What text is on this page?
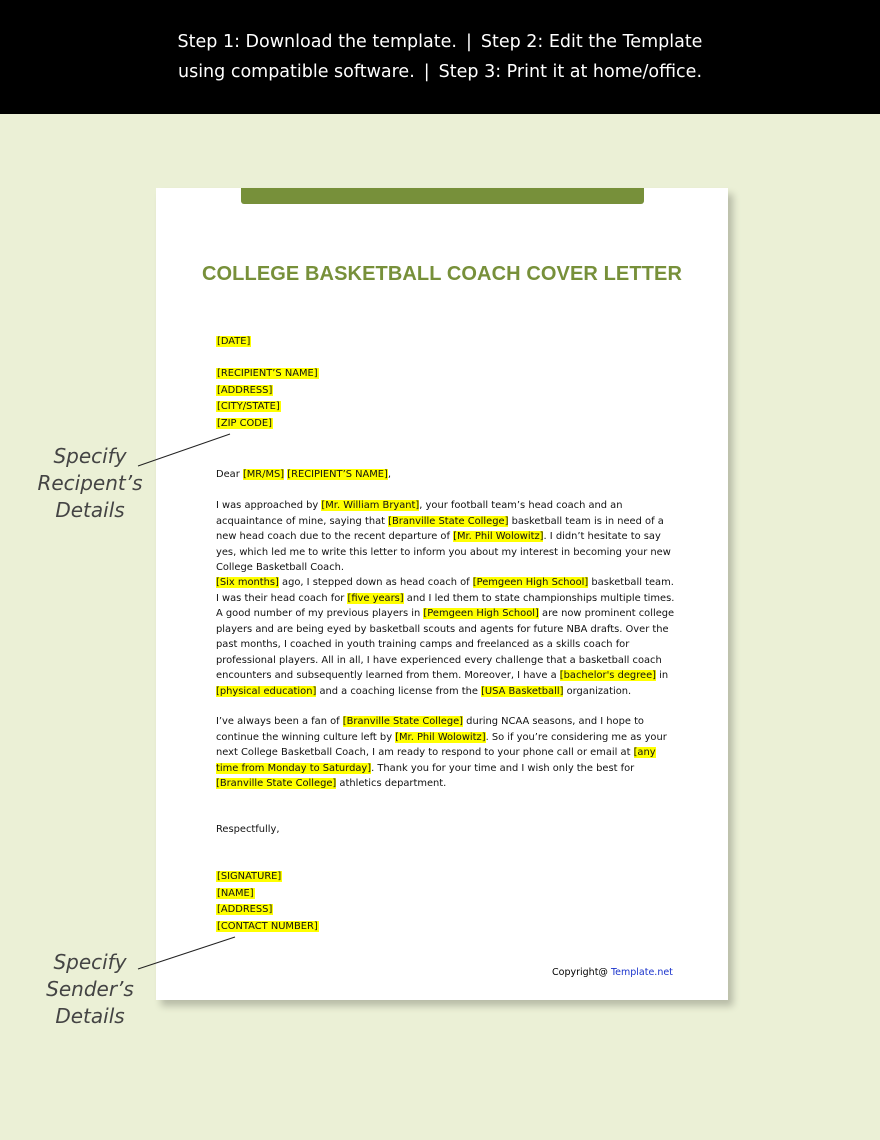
Step 1: Download the template. | Step 2: Edit the Template
using compatible software. | Step 3: Print it at home/office.
COLLEGE BASKETBALL COACH COVER LETTER
[DATE]
[RECIPIENT’S NAME]
[ADDRESS]
[CITY/STATE]
[ZIP CODE]
Dear [MR/MS] [RECIPIENT’S NAME],
I was approached by [Mr. William Bryant], your football team’s head coach and an acquaintance of mine, saying that [Branville State College] basketball team is in need of a new head coach due to the recent departure of [Mr. Phil Wolowitz]. I didn’t hesitate to say yes, which led me to write this letter to inform you about my interest in becoming your new College Basketball Coach.
[Six months] ago, I stepped down as head coach of [Pemgeen High School] basketball team. I was their head coach for [five years] and I led them to state championships multiple times. A good number of my previous players in [Pemgeen High School] are now prominent college players and are being eyed by basketball scouts and agents for future NBA drafts. Over the past months, I coached in youth training camps and freelanced as a skills coach for professional players. All in all, I have experienced every challenge that a basketball coach encounters and subsequently learned from them. Moreover, I have a [bachelor's degree] in [physical education] and a coaching license from the [USA Basketball] organization.
I’ve always been a fan of [Branville State College] during NCAA seasons, and I hope to continue the winning culture left by [Mr. Phil Wolowitz]. So if you’re considering me as your next College Basketball Coach, I am ready to respond to your phone call or email at [any time from Monday to Saturday]. Thank you for your time and I wish only the best for [Branville State College] athletics department.
Respectfully,
[SIGNATURE]
[NAME]
[ADDRESS]
[CONTACT NUMBER]
Copyright@ Template.net
Specify
Recipent’s
Details
Specify
Sender’s
Details
